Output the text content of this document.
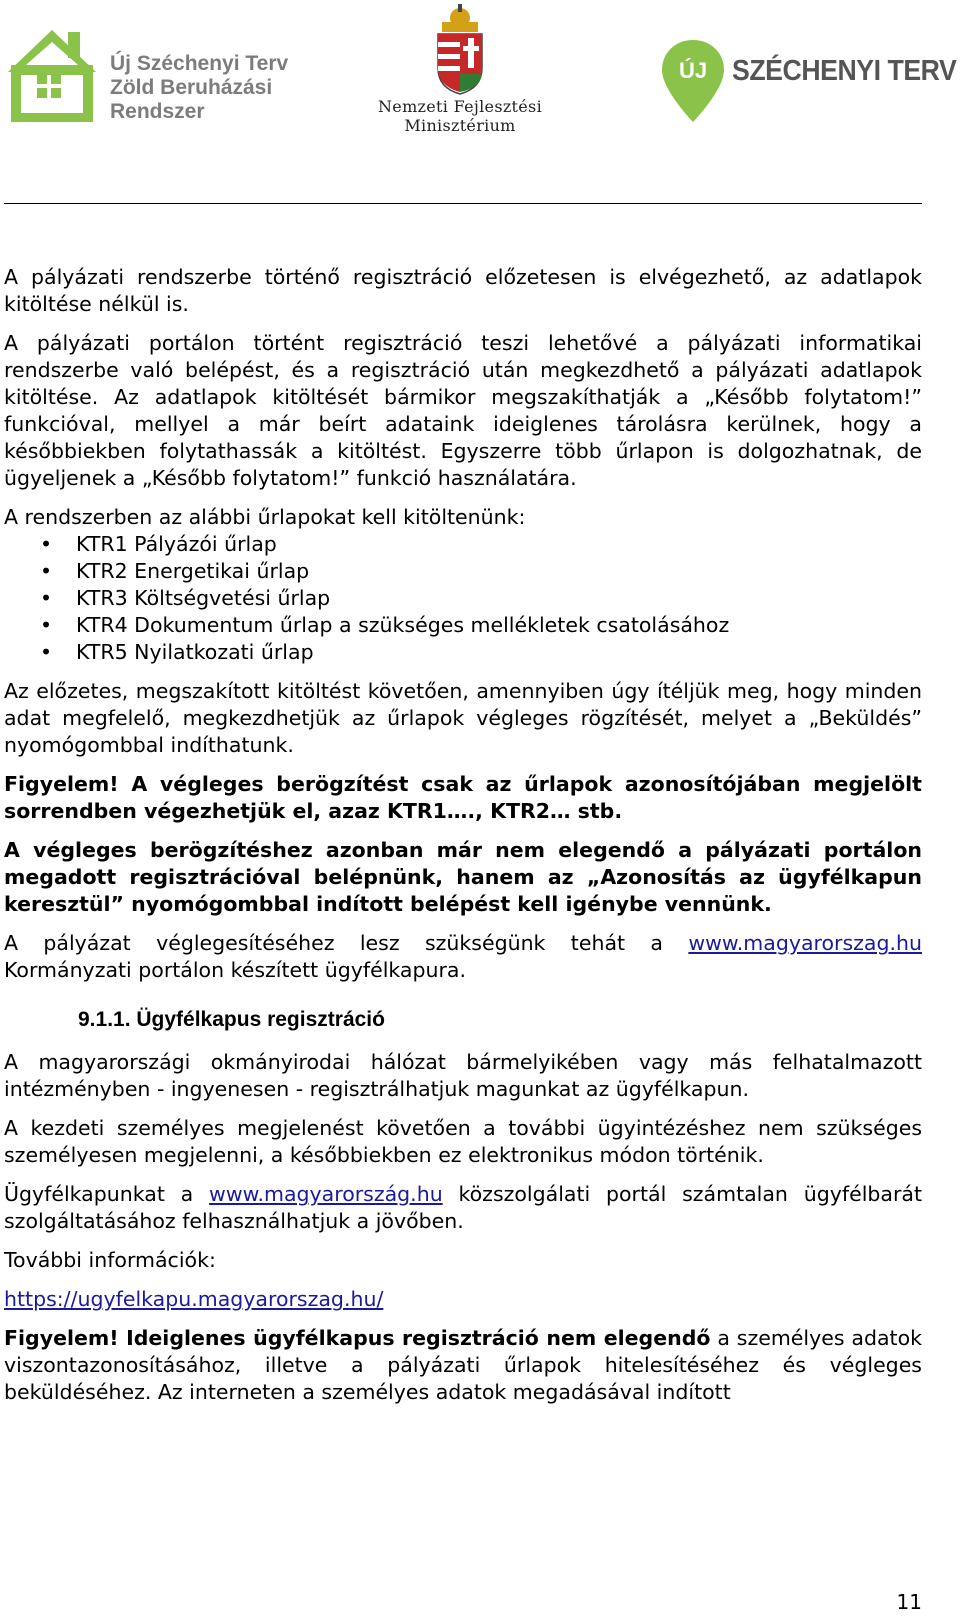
Új Széchenyi Terv
Zöld Beruházási
Rendszer	Nemzeti Fejlesztési
Minisztérium
ÚJ SZÉCHENYI TERV

A pályázati rendszerbe történő regisztráció előzetesen is elvégezhető, az adatlapok kitöltése nélkül is.

A pályázati portálon történt regisztráció teszi lehetővé a pályázati informatikai rendszerbe való belépést, és a regisztráció után megkezdhető a pályázati adatlapok kitöltése. Az adatlapok kitöltését bármikor megszakíthatják a „Később folytatom!” funkcióval, mellyel a már beírt adataink ideiglenes tárolásra kerülnek, hogy a későbbiekben folytathassák a kitöltést. Egyszerre több űrlapon is dolgozhatnak, de ügyeljenek a „Később folytatom!” funkció használatára.

A rendszerben az alábbi űrlapokat kell kitöltenünk:

• KTR1 Pályázói űrlap
• KTR2 Energetikai űrlap
• KTR3 Költségvetési űrlap
• KTR4 Dokumentum űrlap a szükséges mellékletek csatolásához
• KTR5 Nyilatkozati űrlap

Az előzetes, megszakított kitöltést követően, amennyiben úgy ítéljük meg, hogy minden adat megfelelő, megkezdhetjük az űrlapok végleges rögzítését, melyet a „Beküldés” nyomógombbal indíthatunk.

Figyelem! A végleges berögzítést csak az űrlapok azonosítójában megjelölt sorrendben végezhetjük el, azaz KTR1…., KTR2… stb.

A végleges berögzítéshez azonban már nem elegendő a pályázati portálon megadott regisztrációval belépnünk, hanem az „Azonosítás az ügyfélkapun keresztül” nyomógombbal indított belépést kell igénybe vennünk.

A pályázat véglegesítéséhez lesz szükségünk tehát a www.magyarorszag.hu Kormányzati portálon készített ügyfélkapura.

9.1.1. Ügyfélkapus regisztráció

A magyarországi okmányirodai hálózat bármelyikében vagy más felhatalmazott intézményben - ingyenesen - regisztrálhatjuk magunkat az ügyfélkapun.

A kezdeti személyes megjelenést követően a további ügyintézéshez nem szükséges személyesen megjelenni, a későbbiekben ez elektronikus módon történik.

Ügyfélkapunkat a www.magyarország.hu közszolgálati portál számtalan ügyfélbarát szolgáltatásához felhasználhatjuk a jövőben.

További információk:

https://ugyfelkapu.magyarorszag.hu/

Figyelem! Ideiglenes ügyfélkapus regisztráció nem elegendő a személyes adatok viszontazonosításához, illetve a pályázati űrlapok hitelesítéséhez és végleges beküldéséhez. Az interneten a személyes adatok megadásával indított

11
